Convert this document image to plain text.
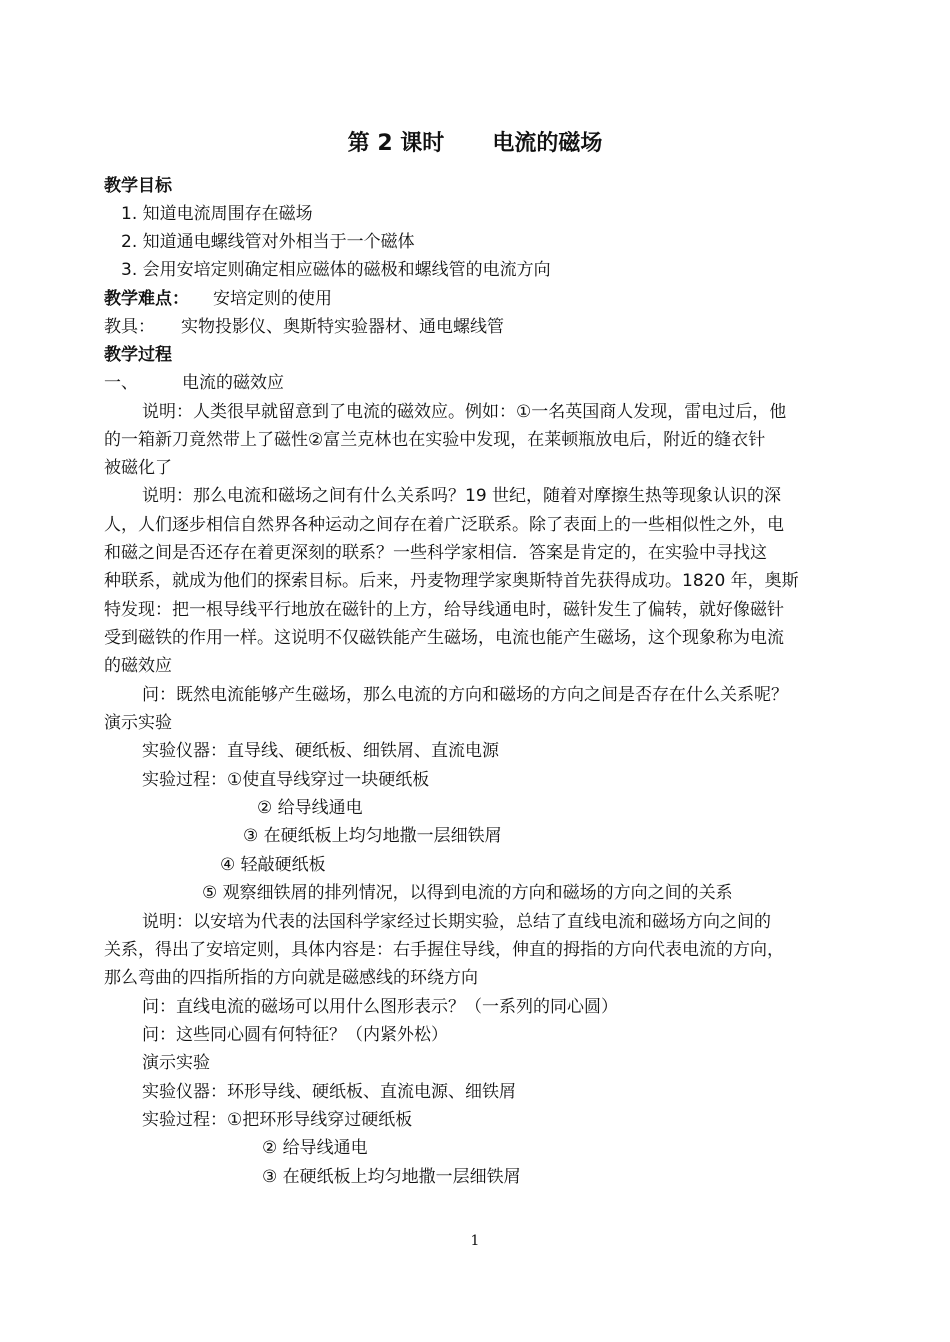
第 2 课时 电流的磁场
教学目标
1. 知道电流周围存在磁场
2. 知道通电螺线管对外相当于一个磁体
3. 会用安培定则确定相应磁体的磁极和螺线管的电流方向
教学难点： 安培定则的使用
教具： 实物投影仪、奥斯特实验器材、通电螺线管
教学过程
一、	电流的磁效应
说明：人类很早就留意到了电流的磁效应。例如：①一名英国商人发现，雷电过后，他
的一箱新刀竟然带上了磁性②富兰克林也在实验中发现，在莱顿瓶放电后，附近的缝衣针
被磁化了
说明：那么电流和磁场之间有什么关系吗？19 世纪，随着对摩擦生热等现象认识的深
人，人们逐步相信自然界各种运动之间存在着广泛联系。除了表面上的一些相似性之外，电
和磁之间是否还存在着更深刻的联系？一些科学家相信．答案是肯定的，在实验中寻找这
种联系，就成为他们的探索目标。后来，丹麦物理学家奥斯特首先获得成功。1820 年，奥斯
特发现：把一根导线平行地放在磁针的上方，给导线通电时，磁针发生了偏转，就好像磁针
受到磁铁的作用一样。这说明不仅磁铁能产生磁场，电流也能产生磁场，这个现象称为电流
的磁效应
问：既然电流能够产生磁场，那么电流的方向和磁场的方向之间是否存在什么关系呢？
演示实验
实验仪器：直导线、硬纸板、细铁屑、直流电源
实验过程：①使直导线穿过一块硬纸板
② 给导线通电
③ 在硬纸板上均匀地撒一层细铁屑
④ 轻敲硬纸板
⑤ 观察细铁屑的排列情况，以得到电流的方向和磁场的方向之间的关系
说明：以安培为代表的法国科学家经过长期实验，总结了直线电流和磁场方向之间的
关系，得出了安培定则，具体内容是：右手握住导线，伸直的拇指的方向代表电流的方向，
那么弯曲的四指所指的方向就是磁感线的环绕方向
问：直线电流的磁场可以用什么图形表示？（一系列的同心圆）
问：这些同心圆有何特征？（内紧外松）
演示实验
实验仪器：环形导线、硬纸板、直流电源、细铁屑
实验过程：①把环形导线穿过硬纸板
② 给导线通电
③ 在硬纸板上均匀地撒一层细铁屑
1
